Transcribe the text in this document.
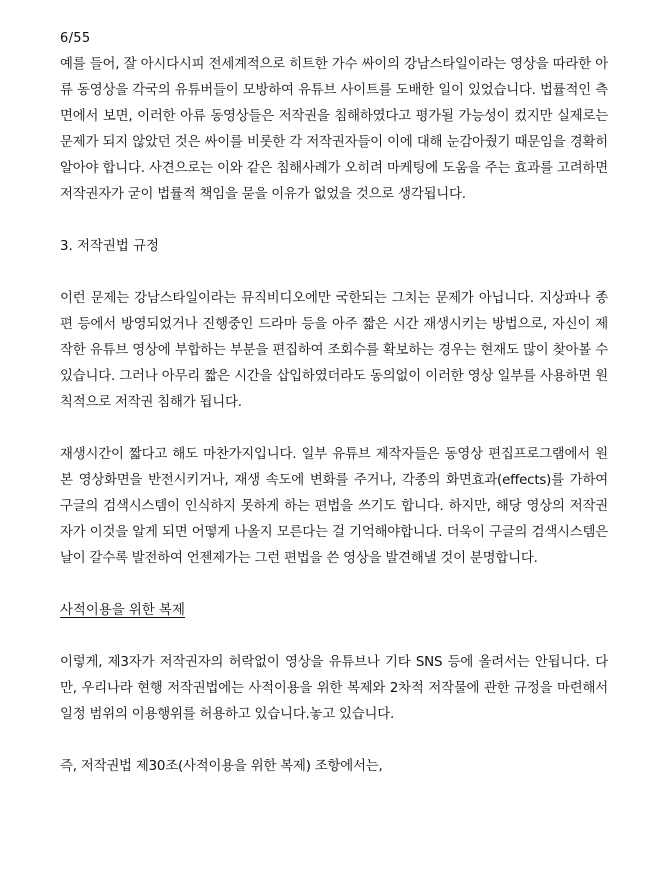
6/55

예를 들어, 잘 아시다시피 전세계적으로 히트한 가수 싸이의 강남스타일이라는 영상을 따라한 아류 동영상을 각국의 유튜버들이 모방하여 유튜브 사이트를 도배한 일이 있었습니다. 법률적인 측면에서 보면, 이러한 아류 동영상들은 저작권을 침해하였다고 평가될 가능성이 컸지만 실제로는 문제가 되지 않았던 것은 싸이를 비롯한 각 저작권자들이 이에 대해 눈감아줬기 때문임을 경확히 알아야 합니다. 사견으로는 이와 같은 침해사례가 오히려 마케팅에 도움을 주는 효과를 고려하면 저작권자가 굳이 법률적 책임을 묻을 이유가 없었을 것으로 생각됩니다.

3. 저작권법 규정

이런 문제는 강남스타일이라는 뮤직비디오에만 국한되는 그치는 문제가 아닙니다. 지상파나 종편 등에서 방영되었거나 진행중인 드라마 등을 아주 짧은 시간 재생시키는 방법으로, 자신이 제작한 유튜브 영상에 부합하는 부분을 편집하여 조회수를 확보하는 경우는 현재도 많이 찾아볼 수 있습니다. 그러나 아무리 짧은 시간을 삽입하였더라도 동의없이 이러한 영상 일부를 사용하면 원칙적으로 저작권 침해가 됩니다.

재생시간이 짧다고 해도 마찬가지입니다. 일부 유튜브 제작자들은 동영상 편집프로그램에서 원본 영상화면을 반전시키거나, 재생 속도에 변화를 주거나, 각종의 화면효과(effects)를 가하여 구글의 검색시스템이 인식하지 못하게 하는 편법을 쓰기도 합니다. 하지만, 해당 영상의 저작권자가 이것을 알게 되면 어떻게 나올지 모른다는 걸 기억해야합니다. 더욱이 구글의 검색시스템은 날이 갈수록 발전하여 언젠제가는 그런 편법을 쓴 영상을 발견해낼 것이 분명합니다.

사적이용을 위한 복제

이렇게, 제3자가 저작권자의 허락없이 영상을 유튜브나 기타 SNS 등에 올려서는 안됩니다. 다만, 우리나라 현행 저작권법에는 사적이용을 위한 복제와 2차적 저작물에 관한 규정을 마련해서 일정 범위의 이용행위를 허용하고 있습니다.놓고 있습니다.

즉, 저작권법 제30조(사적이용을 위한 복제) 조항에서는,
